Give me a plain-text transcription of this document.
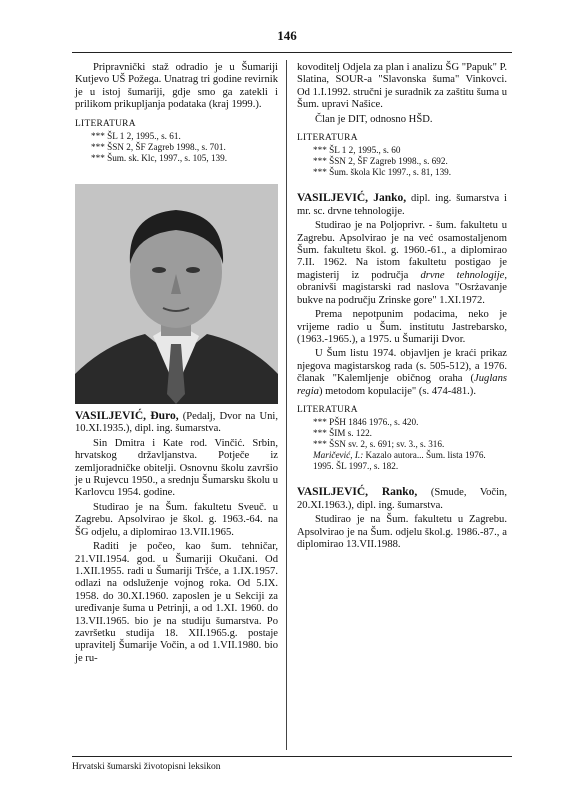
146

Pripravnički staž odradio je u Šumariji Kutjevo UŠ Požega. Unatrag tri godine revirnik je u istoj šumariji, gdje smo ga zatekli i prilikom prikupljanja podataka (kraj 1999.).

LITERATURA
*** ŠL 1 2, 1995., s. 61.
*** ŠSN 2, ŠF Zagreb 1998., s. 701.
*** Šum. sk. Klc, 1997., s. 105, 139.

VASILJEVIĆ, Đuro, (Pedalj, Dvor na Uni, 10.XI.1935.), dipl. ing. šumarstva.

Sin Dmitra i Kate rod. Vinčić. Srbin, hrvatskog državljanstva. Potječe iz zemljoradničke obitelji. Osnovnu školu završio je u Rujevcu 1950., a srednju Šumarsku školu u Karlovcu 1954. godine.

Studirao je na Šum. fakultetu Sveuč. u Zagrebu. Apsolvirao je škol. g. 1963.-64. na ŠG odjelu, a diplomirao 13.VII.1965.

Raditi je počeo, kao šum. tehničar, 21.VII.1954. god. u Šumariji Okučani. Od 1.XII.1955. radi u Šumariji Tršće, a 1.IX.1957. odlazi na odsluženje vojnog roka. Od 5.IX. 1958. do 30.XI.1960. zaposlen je u Sekciji za uređivanje šuma u Petrinji, a od 1.XI. 1960. do 13.VII.1965. bio je na studiju šumarstva. Po završetku studija 18. XII.1965.g. postaje upravitelj Šumarije Vočin, a od 1.VII.1980. bio je ru-

kovoditelj Odjela za plan i analizu ŠG "Papuk" P. Slatina, SOUR-a "Slavonska šuma" Vinkovci. Od 1.I.1992. stručni je suradnik za zaštitu šuma u Šum. upravi Našice.

Član je DIT, odnosno HŠD.

LITERATURA
*** ŠL 1 2, 1995., s. 60
*** ŠSN 2, ŠF Zagreb 1998., s. 692.
*** Šum. škola Klc 1997., s. 81, 139.

VASILJEVIĆ, Janko, dipl. ing. šumarstva i mr. sc. drvne tehnologije.

Studirao je na Poljoprivr. - šum. fakultetu u Zagrebu. Apsolvirao je na već osamostaljenom Šum. fakultetu škol. g. 1960.-61., a diplomirao 7.II. 1962. Na istom fakultetu postigao je magisterij iz područja drvne tehnologije, obranivši magistarski rad naslova "Osrżavanje bukve na području Zrinske gore" 1.XI.1972.

Prema nepotpunim podacima, neko je vrijeme radio u Šum. institutu Jastrebarsko, (1963.-1965.), a 1975. u Šumariji Dvor.

U Šum listu 1974. objavljen je kraći prikaz njegova magistarskog rada (s. 505-512), a 1976. članak "Kalemljenje običnog oraha (Juglans regia) metodom kopulacije" (s. 474-481.).

LITERATURA
*** PŠH 1846 1976., s. 420.
*** ŠIM s. 122.
*** ŠSN sv. 2, s. 691; sv. 3., s. 316.
Maričević, I.: Kazalo autora... Šum. lista 1976. 1995. ŠL 1997., s. 182.

VASILJEVIĆ, Ranko, (Smude, Vočin, 20.XI.1963.), dipl. ing. šumarstva.

Studirao je na Šum. fakultetu u Zagrebu. Apsolvirao je na Šum. odjelu škol.g. 1986.-87., a diplomirao 13.VII.1988.

Hrvatski šumarski životopisni leksikon
